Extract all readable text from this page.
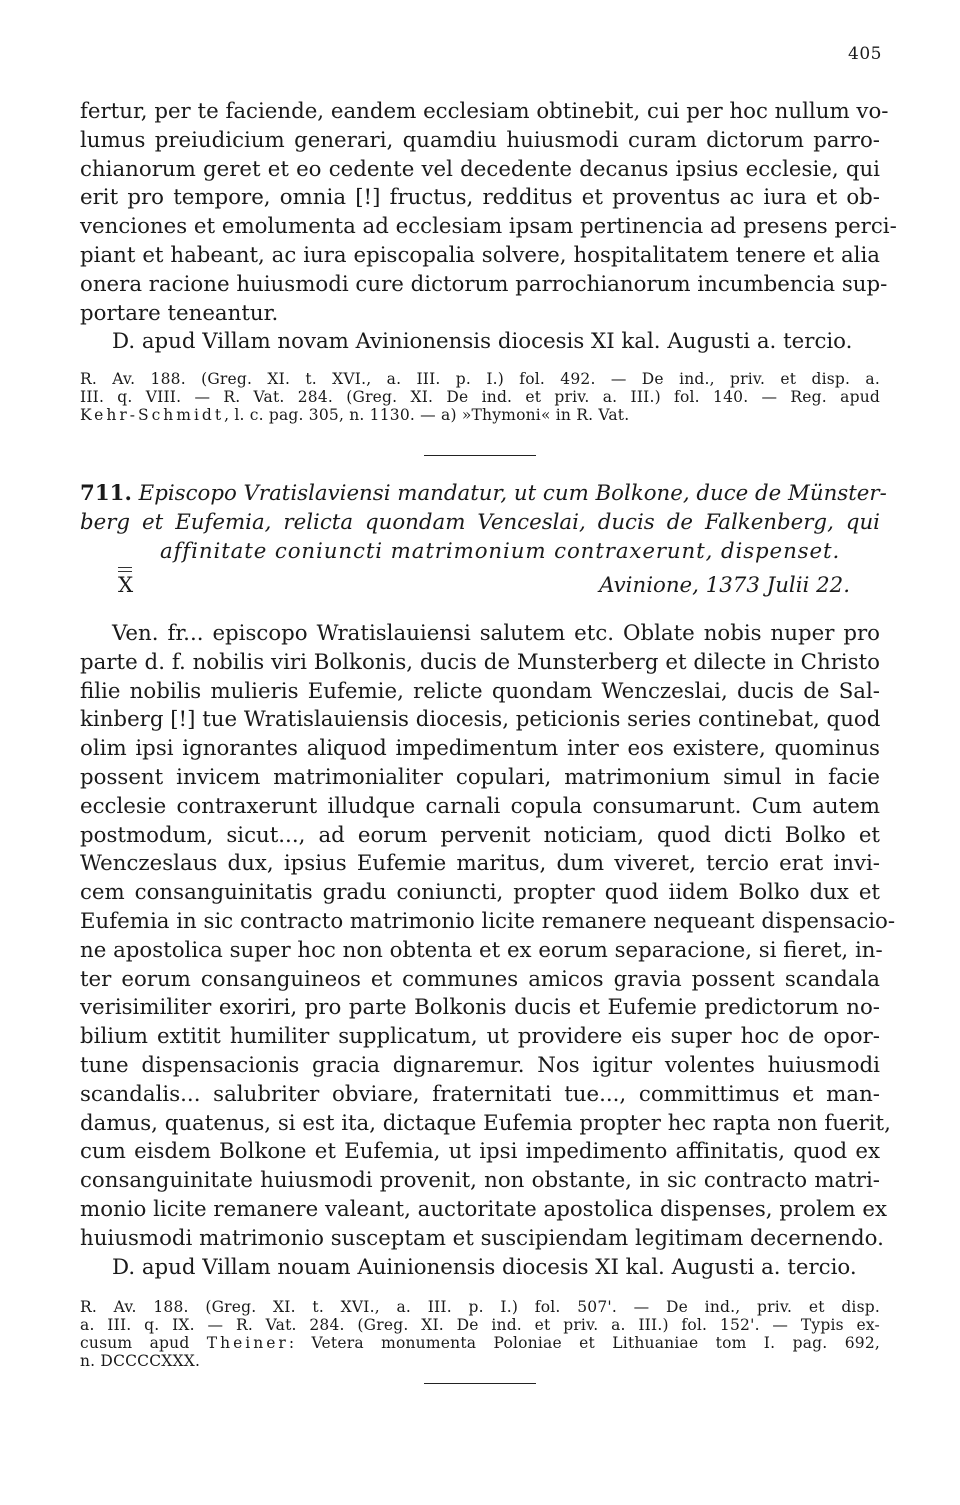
405
fertur, per te faciende, eandem ecclesiam obtinebit, cui per hoc nullum vo-
lumus preiudicium generari, quamdiu huiusmodi curam dictorum parro-
chianorum geret et eo cedente vel decedente decanus ipsius ecclesie, qui
erit pro tempore, omnia [!] fructus, redditus et proventus ac iura et ob-
venciones et emolumenta ad ecclesiam ipsam pertinencia ad presens perci-
piant et habeant, ac iura episcopalia solvere, hospitalitatem tenere et alia
onera racione huiusmodi cure dictorum parrochianorum incumbencia sup-
portare teneantur.
D. apud Villam novam Avinionensis diocesis XI kal. Augusti a. tercio.
R. Av. 188. (Greg. XI. t. XVI., a. III. p. I.) fol. 492. — De ind., priv. et disp. a.
III. q. VIII. — R. Vat. 284. (Greg. XI. De ind. et priv. a. III.) fol. 140. — Reg. apud
Kehr-Schmidt, l. c. pag. 305, n. 1130. — a) »Thymoni« in R. Vat.
711. Episcopo Vratislaviensi mandatur, ut cum Bolkone, duce de Münster-
berg et Eufemia, relicta quondam Venceslai, ducis de Falkenberg, qui
affinitate coniuncti matrimonium contraxerunt, dispenset.
X	Avinione, 1373 Julii 22.
Ven. fr... episcopo Wratislauiensi salutem etc. Oblate nobis nuper pro
parte d. f. nobilis viri Bolkonis, ducis de Munsterberg et dilecte in Christo
filie nobilis mulieris Eufemie, relicte quondam Wenczeslai, ducis de Sal-
kinberg [!] tue Wratislauiensis diocesis, peticionis series continebat, quod
olim ipsi ignorantes aliquod impedimentum inter eos existere, quominus
possent invicem matrimonialiter copulari, matrimonium simul in facie
ecclesie contraxerunt illudque carnali copula consumarunt. Cum autem
postmodum, sicut..., ad eorum pervenit noticiam, quod dicti Bolko et
Wenczeslaus dux, ipsius Eufemie maritus, dum viveret, tercio erat invi-
cem consanguinitatis gradu coniuncti, propter quod iidem Bolko dux et
Eufemia in sic contracto matrimonio licite remanere nequeant dispensacio-
ne apostolica super hoc non obtenta et ex eorum separacione, si fieret, in-
ter eorum consanguineos et communes amicos gravia possent scandala
verisimiliter exoriri, pro parte Bolkonis ducis et Eufemie predictorum no-
bilium extitit humiliter supplicatum, ut providere eis super hoc de opor-
tune dispensacionis gracia dignaremur. Nos igitur volentes huiusmodi
scandalis... salubriter obviare, fraternitati tue..., committimus et man-
damus, quatenus, si est ita, dictaque Eufemia propter hec rapta non fuerit,
cum eisdem Bolkone et Eufemia, ut ipsi impedimento affinitatis, quod ex
consanguinitate huiusmodi provenit, non obstante, in sic contracto matri-
monio licite remanere valeant, auctoritate apostolica dispenses, prolem ex
huiusmodi matrimonio susceptam et suscipiendam legitimam decernendo.
D. apud Villam nouam Auinionensis diocesis XI kal. Augusti a. tercio.
R. Av. 188. (Greg. XI. t. XVI., a. III. p. I.) fol. 507'. — De ind., priv. et disp.
a. III. q. IX. — R. Vat. 284. (Greg. XI. De ind. et priv. a. III.) fol. 152'. — Typis ex-
cusum apud Theiner: Vetera monumenta Poloniae et Lithuaniae tom I. pag. 692,
n. DCCCCXXX.
